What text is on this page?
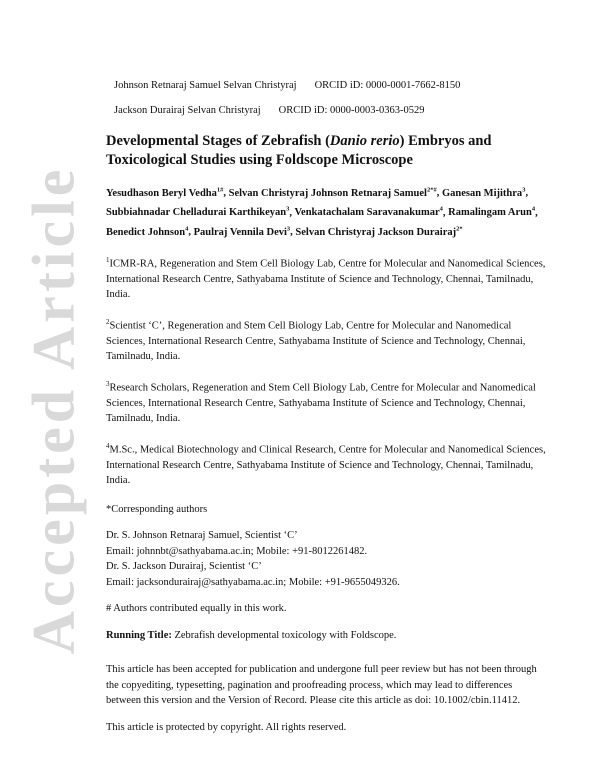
Accepted Article
Johnson Retnaraj Samuel Selvan Christyraj ORCID iD: 0000-0001-7662-8150
Jackson Durairaj Selvan Christyraj ORCID iD: 0000-0003-0363-0529
Developmental Stages of Zebrafish (Danio rerio) Embryos and Toxicological Studies using Foldscope Microscope
Yesudhason Beryl Vedha$^{1\#}$, Selvan Christyraj Johnson Retnaraj Samuel$^{2*\#}$, Ganesan Mijithra$^3$, Subbiahnadar Chelladurai Karthikeyan$^3$, Venkatachalam Saravanakumar$^4$, Ramalingam Arun$^4$, Benedict Johnson$^4$, Paulraj Vennila Devi$^3$, Selvan Christyraj Jackson Durairaj$^{2*}$

$^1$ICMR-RA, Regeneration and Stem Cell Biology Lab, Centre for Molecular and Nanomedical Sciences, International Research Centre, Sathyabama Institute of Science and Technology, Chennai, Tamilnadu, India.

$^2$Scientist ‘C’, Regeneration and Stem Cell Biology Lab, Centre for Molecular and Nanomedical Sciences, International Research Centre, Sathyabama Institute of Science and Technology, Chennai, Tamilnadu, India.

$^3$Research Scholars, Regeneration and Stem Cell Biology Lab, Centre for Molecular and Nanomedical Sciences, International Research Centre, Sathyabama Institute of Science and Technology, Chennai, Tamilnadu, India.

$^4$M.Sc., Medical Biotechnology and Clinical Research, Centre for Molecular and Nanomedical Sciences, International Research Centre, Sathyabama Institute of Science and Technology, Chennai, Tamilnadu, India.

*Corresponding authors

Dr. S. Johnson Retnaraj Samuel, Scientist ‘C’
Email: johnnbt@sathyabama.ac.in; Mobile: +91-8012261482.
Dr. S. Jackson Durairaj, Scientist ‘C’
Email: jacksondurairaj@sathyabama.ac.in; Mobile: +91-9655049326.

# Authors contributed equally in this work.

Running Title: Zebrafish developmental toxicology with Foldscope.

This article has been accepted for publication and undergone full peer review but has not been through the copyediting, typesetting, pagination and proofreading process, which may lead to differences between this version and the Version of Record. Please cite this article as doi: 10.1002/cbin.11412.

This article is protected by copyright. All rights reserved.
